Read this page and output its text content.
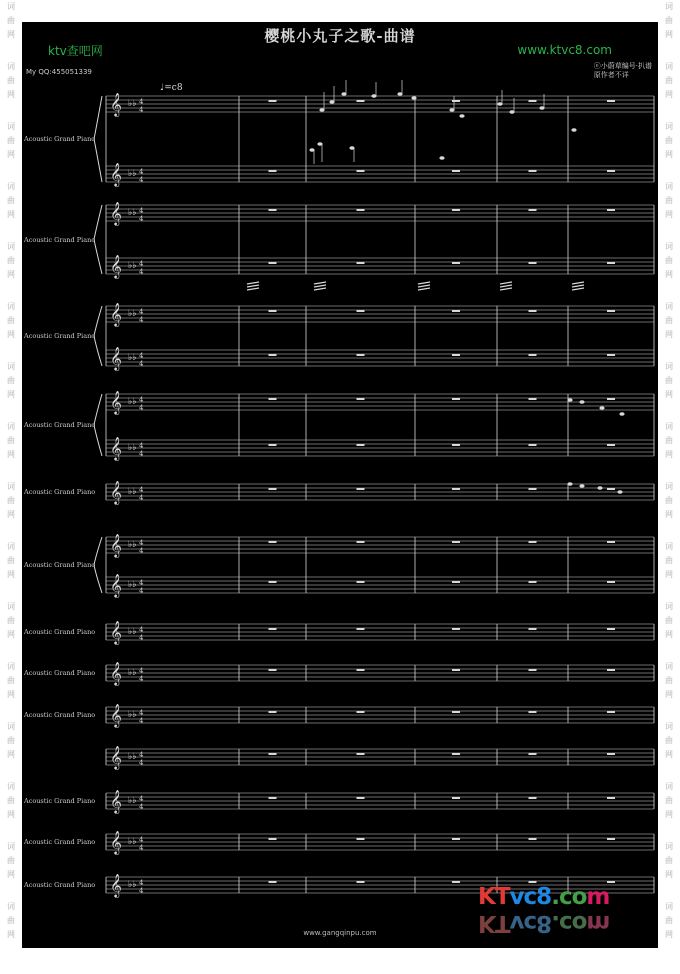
词
曲
网
词
曲
网
词
曲
网
词
曲
网
词
曲
网
词
曲
网
词
曲
网
词
曲
网
词
曲
网
词
曲
网
词
曲
网
词
曲
网
词
曲
网
词
曲
网
词
曲
网
词
曲
网
词
曲
网
词
曲
网
词
曲
网
词
曲
网
词
曲
网
词
曲
网
词
曲
网
词
曲
网
词
曲
网
词
曲
网
词
曲
网
词
曲
网
词
曲
网
词
曲
网
词
曲
网
词
曲
网
樱桃小丸子之歌-曲谱
ktv查吧网	www.ktvc8.com
My QQ:455051339
ⓔ小蔚草编号·扒谱
原作者不详
♩=c8
𝄞 ♭♭ 4
4
𝄞 ♭♭ 4
4
𝄞 ♭♭ 4
4
𝄞 ♭♭ 4
4
𝄞 ♭♭ 4
4
𝄞 ♭♭ 4
4
𝄞 ♭♭ 4
4
𝄞 ♭♭ 4
4
𝄞 ♭♭ 4
4
𝄞 ♭♭ 4
4
𝄞 ♭♭ 4
4
𝄞 ♭♭ 4
4
𝄞 ♭♭ 4
4
𝄞 ♭♭ 4
4
𝄞 ♭♭ 4
4
𝄞 ♭♭ 4
4
𝄞 ♭♭ 4
4
𝄞 ♭♭ 4
4
Acoustic Grand Piano
Acoustic Grand Piano
Acoustic Grand Piano
Acoustic Grand Piano
Acoustic Grand Piano
Acoustic Grand Piano
Acoustic Grand Piano
Acoustic Grand Piano
Acoustic Grand Piano
Acoustic Grand Piano
Acoustic Grand Piano
Acoustic Grand Piano
www.gangqinpu.com
KTvc8.com
KTvc8.com
